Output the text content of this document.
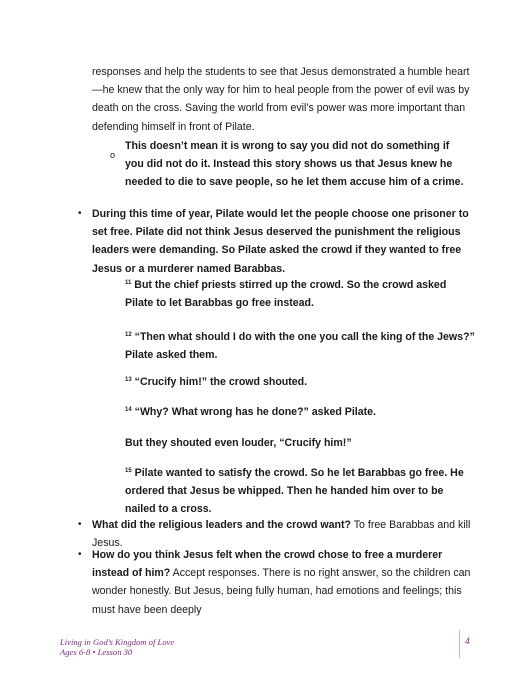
responses and help the students to see that Jesus demonstrated a humble heart—he knew that the only way for him to heal people from the power of evil was by death on the cross. Saving the world from evil’s power was more important than defending himself in front of Pilate.

o

This doesn’t mean it is wrong to say you did not do something if you did not do it. Instead this story shows us that Jesus knew he needed to die to save people, so he let them accuse him of a crime.

• During this time of year, Pilate would let the people choose one prisoner to set free. Pilate did not think Jesus deserved the punishment the religious leaders were demanding. So Pilate asked the crowd if they wanted to free Jesus or a murderer named Barabbas.

$^{11}$ But the chief priests stirred up the crowd. So the crowd asked Pilate to let Barabbas go free instead.

$^{12}$ “Then what should I do with the one you call the king of the Jews?” Pilate asked them.

$^{13}$ “Crucify him!” the crowd shouted.

$^{14}$ “Why? What wrong has he done?” asked Pilate.

But they shouted even louder, “Crucify him!”

$^{15}$ Pilate wanted to satisfy the crowd. So he let Barabbas go free. He ordered that Jesus be whipped. Then he handed him over to be nailed to a cross.

• What did the religious leaders and the crowd want? To free Barabbas and kill Jesus.

• How do you think Jesus felt when the crowd chose to free a murderer instead of him? Accept responses. There is no right answer, so the children can wonder honestly. But Jesus, being fully human, had emotions and feelings; this must have been deeply

Living in God’s Kingdom of Love

Ages 6-8 • Lesson 30

4
